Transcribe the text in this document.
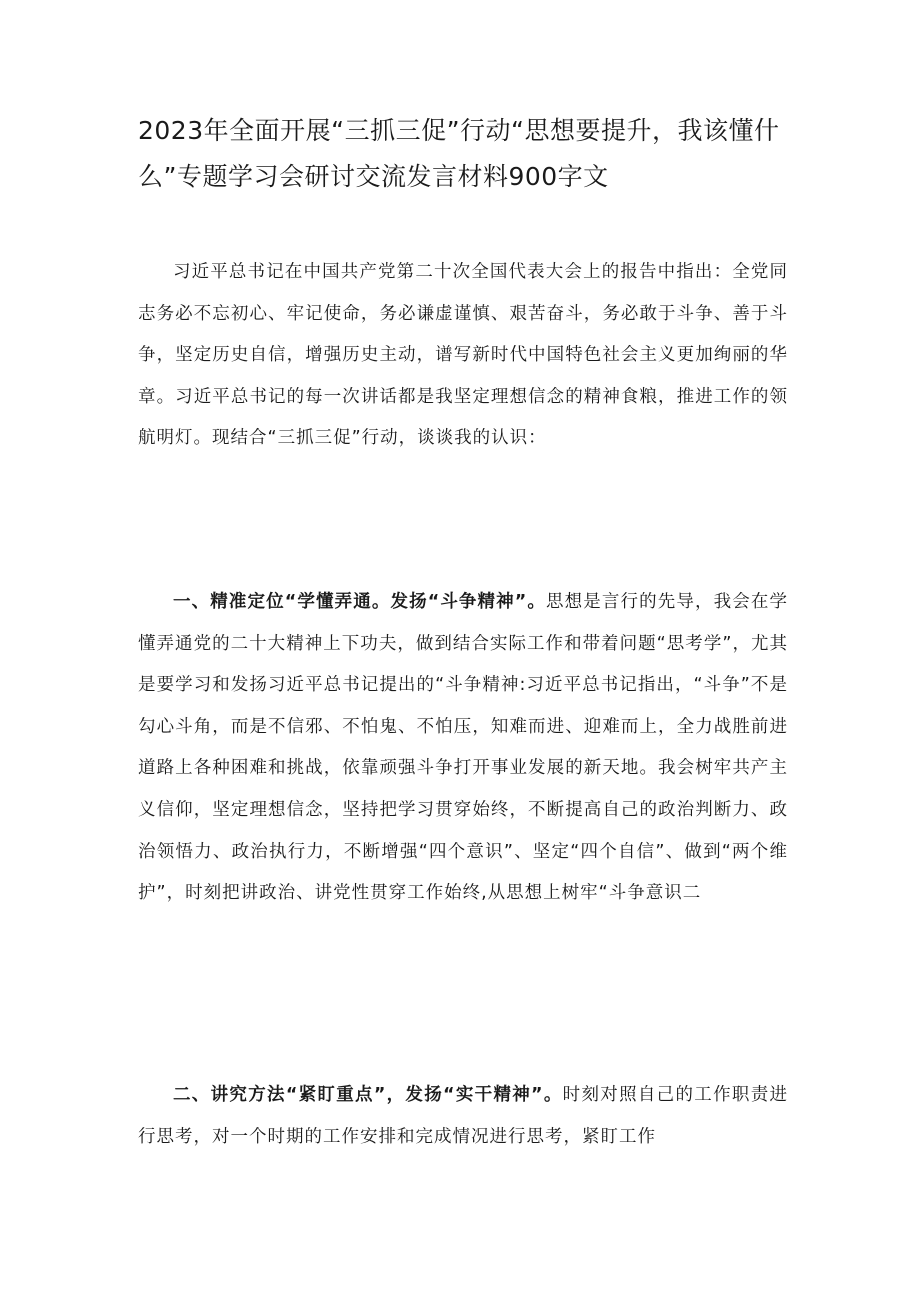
2023年全面开展“三抓三促”行动“思想要提升，我该懂什么”专题学习会研讨交流发言材料900字文

习近平总书记在中国共产党第二十次全国代表大会上的报告中指出：全党同志务必不忘初心、牢记使命，务必谦虚谨慎、艰苦奋斗，务必敢于斗争、善于斗争，坚定历史自信，增强历史主动，谱写新时代中国特色社会主义更加绚丽的华章。习近平总书记的每一次讲话都是我坚定理想信念的精神食粮，推进工作的领航明灯。现结合“三抓三促”行动，谈谈我的认识：

一、精准定位“学懂弄通。发扬“斗争精神”。思想是言行的先导，我会在学懂弄通党的二十大精神上下功夫，做到结合实际工作和带着问题“思考学”，尤其是要学习和发扬习近平总书记提出的“斗争精神:习近平总书记指出，“斗争”不是勾心斗角，而是不信邪、不怕鬼、不怕压，知难而进、迎难而上，全力战胜前进道路上各种困难和挑战，依靠顽强斗争打开事业发展的新天地。我会树牢共产主义信仰，坚定理想信念，坚持把学习贯穿始终，不断提高自己的政治判断力、政治领悟力、政治执行力，不断增强“四个意识”、坚定“四个自信”、做到“两个维护”，时刻把讲政治、讲党性贯穿工作始终,从思想上树牢“斗争意识二

二、讲究方法“紧盯重点”，发扬“实干精神”。时刻对照自己的工作职责进行思考，对一个时期的工作安排和完成情况进行思考，紧盯工作
